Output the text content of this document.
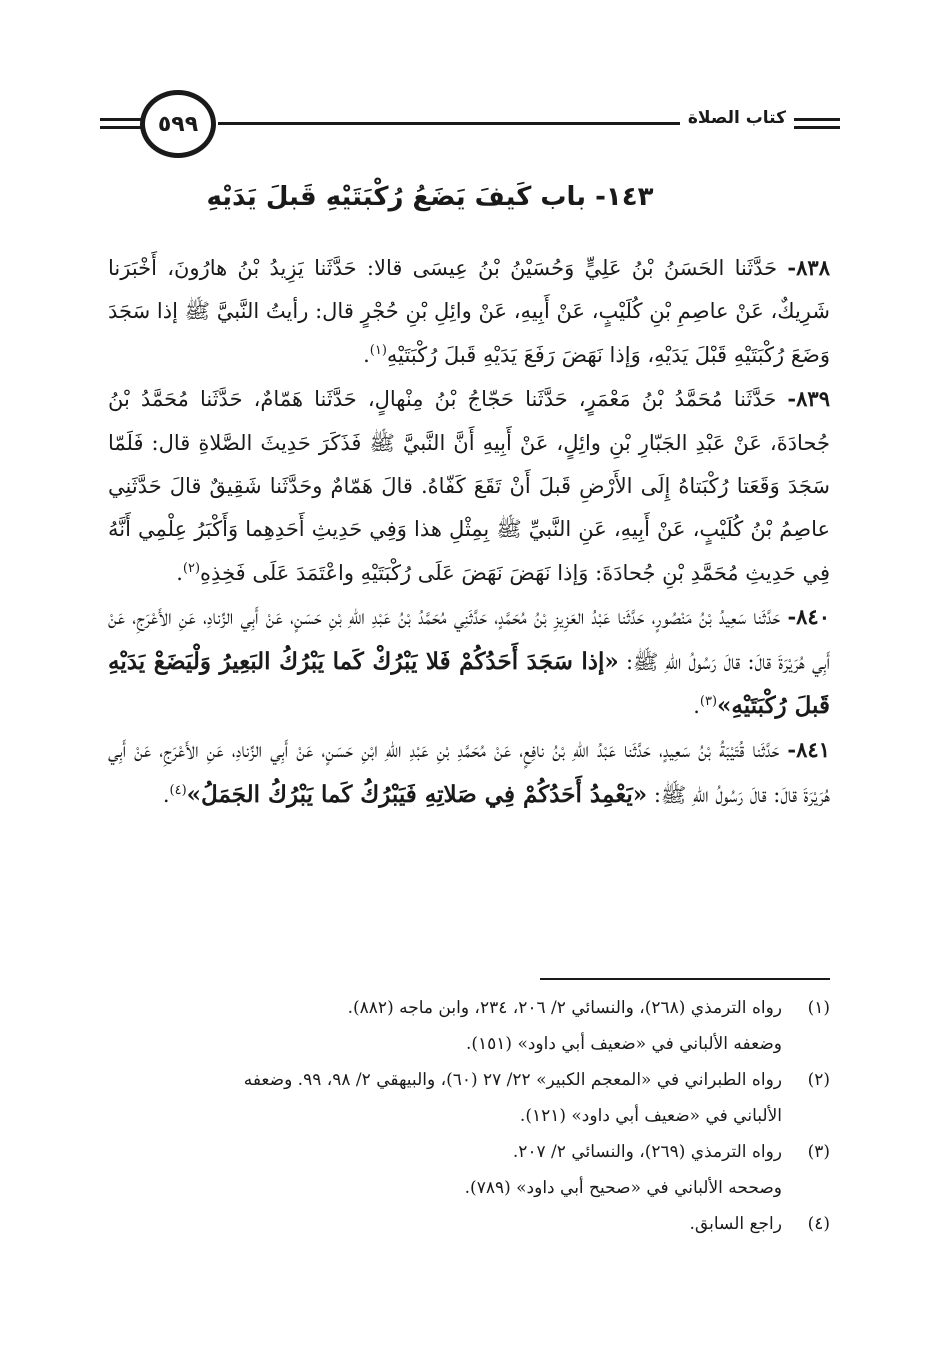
كتاب الصلاة
٥٩٩
١٤٣- باب كَيفَ يَضَعُ رُكْبَتَيْهِ قَبلَ يَدَيْهِ

٨٣٨- حَدَّثَنا الحَسَنُ بْنُ عَلِيٍّ وَحُسَيْنُ بْنُ عِيسَى قالا: حَدَّثَنا يَزِيدُ بْنُ هارُونَ، أَخْبَرَنا شَرِيكٌ، عَنْ عاصِمِ بْنِ كُلَيْبٍ، عَنْ أَبِيهِ، عَنْ وائِلِ بْنِ حُجْرٍ قال: رأيتُ النَّبيَّ ﷺ إذا سَجَدَ وَضَعَ رُكْبَتَيْهِ قَبْلَ يَدَيْهِ، وَإذا نَهَضَ رَفَعَ يَدَيْهِ قَبلَ رُكْبَتَيْهِ$^{(١)}$.

٨٣٩- حَدَّثَنا مُحَمَّدُ بْنُ مَعْمَرٍ، حَدَّثَنا حَجّاجُ بْنُ مِنْهالٍ، حَدَّثَنا هَمّامٌ، حَدَّثَنا مُحَمَّدُ بْنُ جُحادَةَ، عَنْ عَبْدِ الجَبّارِ بْنِ وائِلٍ، عَنْ أَبِيهِ أَنَّ النَّبيَّ ﷺ فَذَكَرَ حَدِيثَ الصَّلاةِ قال: فَلَمّا سَجَدَ وَقَعَتا رُكْبَتاهُ إِلَى الأَرْضِ قَبلَ أَنْ تَقَعَ كَفّاهُ. قالَ هَمّامٌ وحَدَّثَنا شَقِيقٌ قالَ حَدَّثَنِي عاصِمُ بْنُ كُلَيْبٍ، عَنْ أَبِيهِ، عَنِ النَّبيِّ ﷺ بِمِثْلِ هذا وَفِي حَدِيثِ أَحَدِهِما وَأَكْبَرُ عِلْمِي أَنَّهُ فِي حَدِيثِ مُحَمَّدِ بْنِ جُحادَةَ: وَإذا نَهَضَ نَهَضَ عَلَى رُكْبَتَيْهِ واعْتَمَدَ عَلَى فَخِذِهِ$^{(٢)}$.

٨٤٠- حَدَّثَنا سَعِيدُ بْنُ مَنْصُورٍ، حَدَّثَنا عَبْدُ العَزِيزِ بْنُ مُحَمَّدٍ، حَدَّثَنِي مُحَمَّدُ بْنُ عَبْدِ اللهِ بْنِ حَسَنٍ، عَنْ أَبِي الزِّنادِ، عَنِ الأَعْرَجِ، عَنْ أَبِي هُرَيْرَةَ قالَ: قالَ رَسُولُ اللهِ ﷺ: «إذا سَجَدَ أَحَدُكُمْ فَلا يَبْرُكْ كَما يَبْرُكُ البَعِيرُ وَلْيَضَعْ يَدَيْهِ قَبلَ رُكْبَتَيْهِ»$^{(٣)}$.

٨٤١- حَدَّثَنا قُتَيْبَةُ بْنُ سَعِيدٍ، حَدَّثَنا عَبْدُ اللهِ بْنُ نافِعٍ، عَنْ مُحَمَّدِ بْنِ عَبْدِ اللهِ ابْنِ حَسَنٍ، عَنْ أَبِي الزِّنادِ، عَنِ الأَعْرَجِ، عَنْ أَبِي هُرَيْرَةَ قالَ: قالَ رَسُولُ اللهِ ﷺ: «يَعْمِدُ أَحَدُكُمْ فِي صَلاتِهِ فَيَبْرُكُ كَما يَبْرُكُ الجَمَلُ»$^{(٤)}$.

(١)
رواه الترمذي (٢٦٨)، والنسائي ٢/ ٢٠٦، ٢٣٤، وابن ماجه (٨٨٢).
وضعفه الألباني في «ضعيف أبي داود» (١٥١).
(٢)
رواه الطبراني في «المعجم الكبير» ٢٢/ ٢٧ (٦٠)، والبيهقي ٢/ ٩٨، ٩٩. وضعفه
الألباني في «ضعيف أبي داود» (١٢١).
(٣)
رواه الترمذي (٢٦٩)، والنسائي ٢/ ٢٠٧.
وصححه الألباني في «صحيح أبي داود» (٧٨٩).
(٤)
راجع السابق.
